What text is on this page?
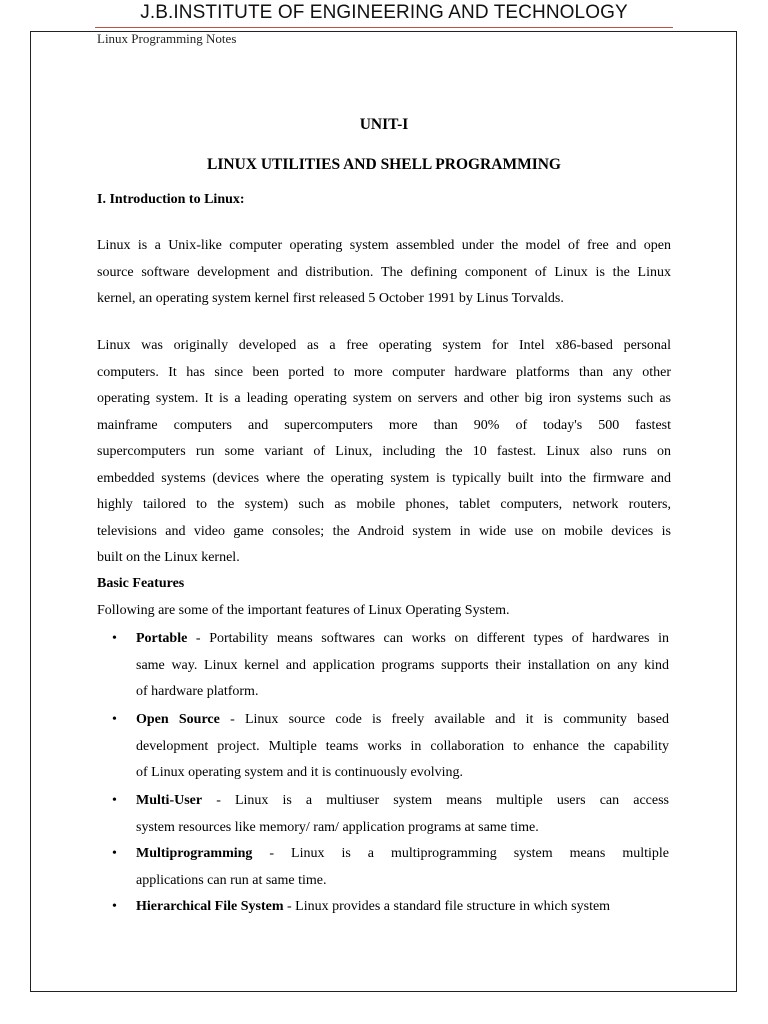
J.B.INSTITUTE OF ENGINEERING AND TECHNOLOGY
Linux Programming Notes
UNIT-I
LINUX UTILITIES AND SHELL PROGRAMMING
I. Introduction to Linux:
Linux is a Unix-like computer operating system assembled under the model of free and open
source software development and distribution. The defining component of Linux is the Linux
kernel, an operating system kernel first released 5 October 1991 by Linus Torvalds.
Linux was originally developed as a free operating system for Intel x86-based personal
computers. It has since been ported to more computer hardware platforms than any other
operating system. It is a leading operating system on servers and other big iron systems such as
mainframe computers and supercomputers more than 90% of today's 500 fastest
supercomputers run some variant of Linux, including the 10 fastest. Linux also runs on
embedded systems (devices where the operating system is typically built into the firmware and
highly tailored to the system) such as mobile phones, tablet computers, network routers,
televisions and video game consoles; the Android system in wide use on mobile devices is
built on the Linux kernel.
Basic Features
Following are some of the important features of Linux Operating System.
• Portable - Portability means softwares can works on different types of hardwares in
same way. Linux kernel and application programs supports their installation on any kind
of hardware platform.
• Open Source - Linux source code is freely available and it is community based
development project. Multiple teams works in collaboration to enhance the capability
of Linux operating system and it is continuously evolving.
• Multi-User - Linux is a multiuser system means multiple users can access
system resources like memory/ ram/ application programs at same time.
• Multiprogramming - Linux is a multiprogramming system means multiple
applications can run at same time.
• Hierarchical File System - Linux provides a standard file structure in which system
